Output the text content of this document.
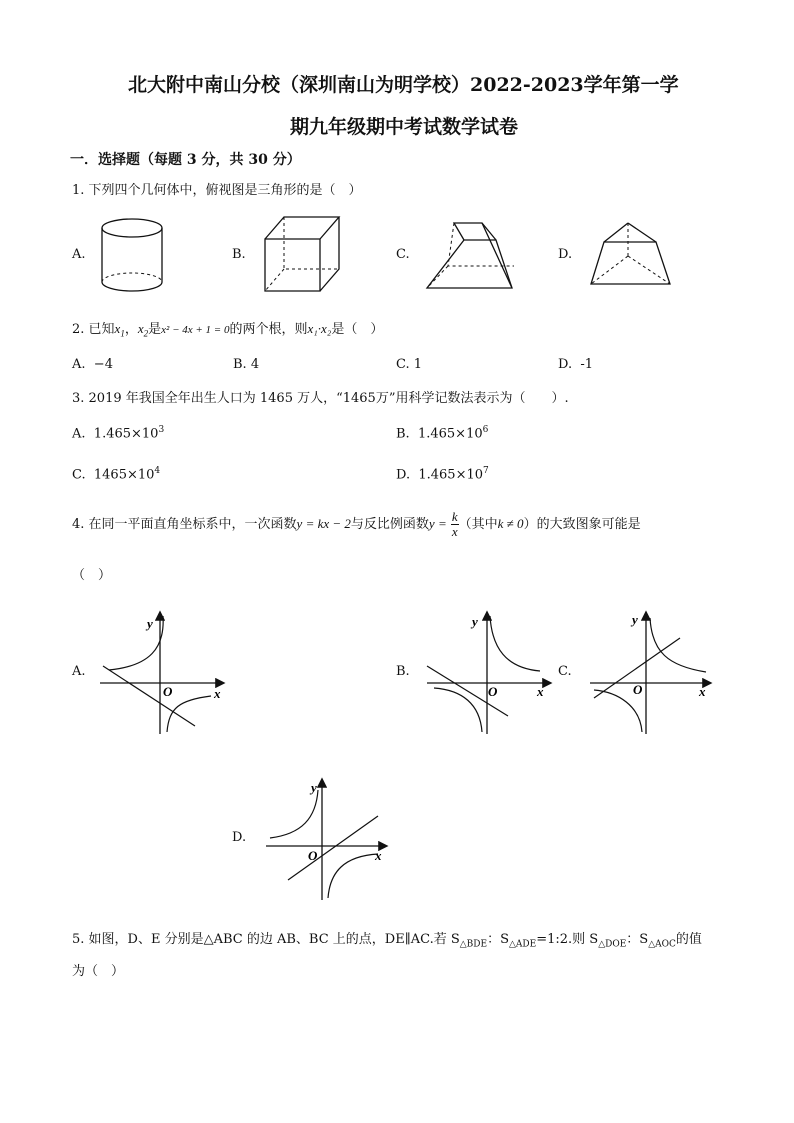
北大附中南山分校（深圳南山为明学校）2022-2023学年第一学
期九年级期中考试数学试卷
一．选择题（每题 3 分，共 30 分）
1. 下列四个几何体中，俯视图是三角形的是（　）
A.	B.	C.	D.
2. 已知$x_1$，$x_2$是x² − 4x + 1 = 0的两个根，则x₁·x₂是（　）
A. −4	B. 4	C. 1	D. -1
3. 2019 年我国全年出生人口为 1465 万人，“1465万”用科学记数法表示为（　　）.
A. $1.465\times 10^3$	B. $1.465\times 10^6$
C. $1465\times 10^4$	D. $1.465\times 10^7$
4. 在同一平面直角坐标系中，一次函数y = kx − 2与反比例函数$y = \frac{k}{x}$ （其中k ≠ 0）的大致图象可能是
（　）
A.	B.	C.
D.
y
x
O
y
x
O
y
x
O
y
x
O
5. 如图，D、E 分别是△ABC 的边 AB、BC 上的点，DE∥AC.若 $S_{\triangle BDE}$：$S_{\triangle ADE}=1:2$.则 $S_{\triangle DOE}$：$S_{\triangle AOC}$的值
为（　）
